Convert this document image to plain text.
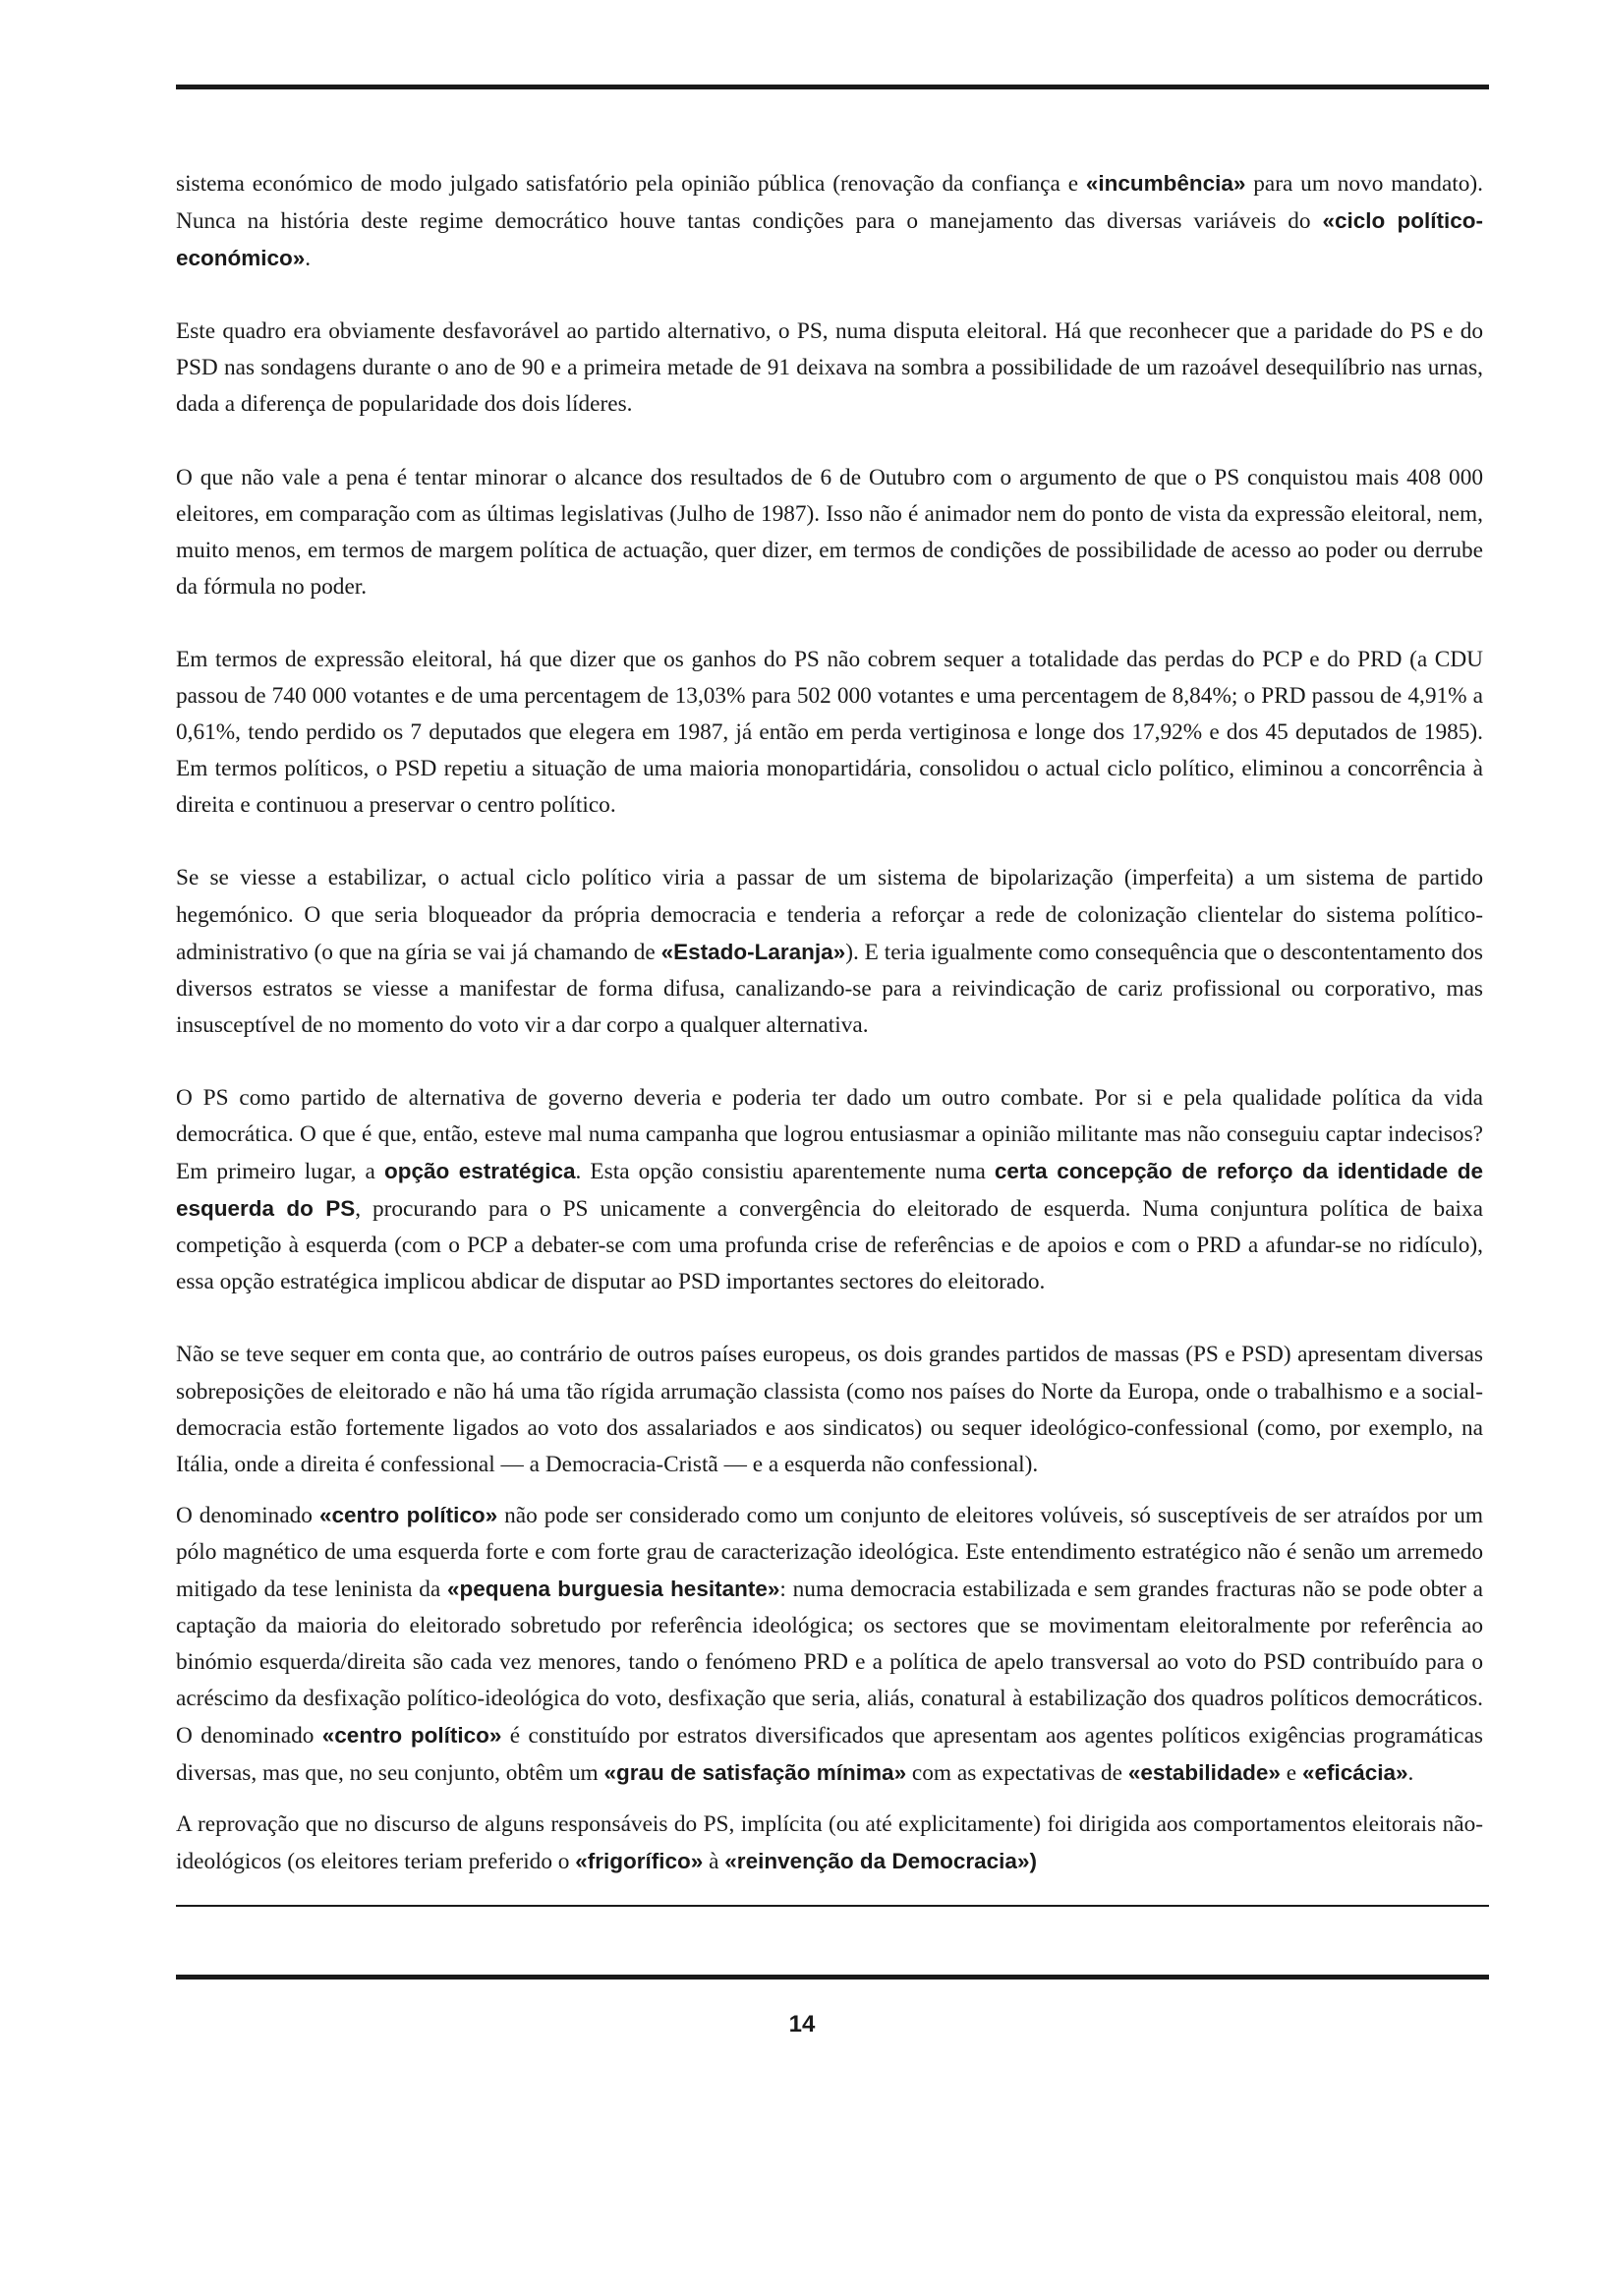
sistema económico de modo julgado satisfatório pela opinião pública (renovação da confiança e «incumbência» para um novo mandato). Nunca na história deste regime democrático houve tantas condições para o manejamento das diversas variáveis do «ciclo político-económico».

Este quadro era obviamente desfavorável ao partido alternativo, o PS, numa disputa eleitoral. Há que reconhecer que a paridade do PS e do PSD nas sondagens durante o ano de 90 e a primeira metade de 91 deixava na sombra a possibilidade de um razoável desequilíbrio nas urnas, dada a diferença de popularidade dos dois líderes.

O que não vale a pena é tentar minorar o alcance dos resultados de 6 de Outubro com o argumento de que o PS conquistou mais 408 000 eleitores, em comparação com as últimas legislativas (Julho de 1987). Isso não é animador nem do ponto de vista da expressão eleitoral, nem, muito menos, em termos de margem política de actuação, quer dizer, em termos de condições de possibilidade de acesso ao poder ou derrube da fórmula no poder.

Em termos de expressão eleitoral, há que dizer que os ganhos do PS não cobrem sequer a totalidade das perdas do PCP e do PRD (a CDU passou de 740 000 votantes e de uma percentagem de 13,03% para 502 000 votantes e uma percentagem de 8,84%; o PRD passou de 4,91% a 0,61%, tendo perdido os 7 deputados que elegera em 1987, já então em perda vertiginosa e longe dos 17,92% e dos 45 deputados de 1985). Em termos políticos, o PSD repetiu a situação de uma maioria monopartidária, consolidou o actual ciclo político, eliminou a concorrência à direita e continuou a preservar o centro político.

Se se viesse a estabilizar, o actual ciclo político viria a passar de um sistema de bipolarização (imperfeita) a um sistema de partido hegemónico. O que seria bloqueador da própria democracia e tenderia a reforçar a rede de colonização clientelar do sistema político-administrativo (o que na gíria se vai já chamando de «Estado-Laranja»). E teria igualmente como consequência que o descontentamento dos diversos estratos se viesse a manifestar de forma difusa, canalizando-se para a reivindicação de cariz profissional ou corporativo, mas insusceptível de no momento do voto vir a dar corpo a qualquer alternativa.

O PS como partido de alternativa de governo deveria e poderia ter dado um outro combate. Por si e pela qualidade política da vida democrática. O que é que, então, esteve mal numa campanha que logrou entusiasmar a opinião militante mas não conseguiu captar indecisos? Em primeiro lugar, a opção estratégica. Esta opção consistiu aparentemente numa certa concepção de reforço da identidade de esquerda do PS, procurando para o PS unicamente a convergência do eleitorado de esquerda. Numa conjuntura política de baixa competição à esquerda (com o PCP a debater-se com uma profunda crise de referências e de apoios e com o PRD a afundar-se no ridículo), essa opção estratégica implicou abdicar de disputar ao PSD importantes sectores do eleitorado.

Não se teve sequer em conta que, ao contrário de outros países europeus, os dois grandes partidos de massas (PS e PSD) apresentam diversas sobreposições de eleitorado e não há uma tão rígida arrumação classista (como nos países do Norte da Europa, onde o trabalhismo e a social-democracia estão fortemente ligados ao voto dos assalariados e aos sindicatos) ou sequer ideológico-confessional (como, por exemplo, na Itália, onde a direita é confessional — a Democracia-Cristã — e a esquerda não confessional).

O denominado «centro político» não pode ser considerado como um conjunto de eleitores volúveis, só susceptíveis de ser atraídos por um pólo magnético de uma esquerda forte e com forte grau de caracterização ideológica. Este entendimento estratégico não é senão um arremedo mitigado da tese leninista da «pequena burguesia hesitante»: numa democracia estabilizada e sem grandes fracturas não se pode obter a captação da maioria do eleitorado sobretudo por referência ideológica; os sectores que se movimentam eleitoralmente por referência ao binómio esquerda/direita são cada vez menores, tando o fenómeno PRD e a política de apelo transversal ao voto do PSD contribuído para o acréscimo da desfixação político-ideológica do voto, desfixação que seria, aliás, conatural à estabilização dos quadros políticos democráticos. O denominado «centro político» é constituído por estratos diversificados que apresentam aos agentes políticos exigências programáticas diversas, mas que, no seu conjunto, obtêm um «grau de satisfação mínima» com as expectativas de «estabilidade» e «eficácia».

A reprovação que no discurso de alguns responsáveis do PS, implícita (ou até explicitamente) foi dirigida aos comportamentos eleitorais não-ideológicos (os eleitores teriam preferido o «frigorífico» à «reinvenção da Democracia»)

14
